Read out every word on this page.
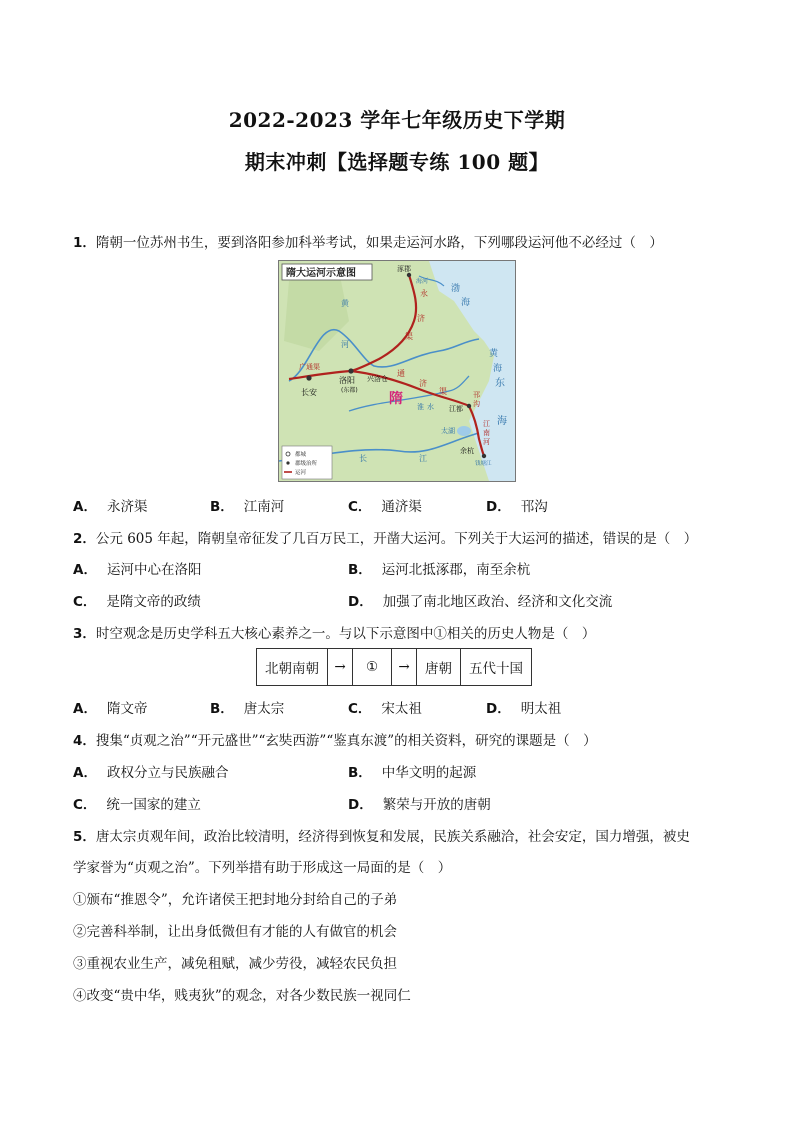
2022-2023 学年七年级历史下学期
期末冲刺【选择题专练 100 题】
1．隋朝一位苏州书生，要到洛阳参加科举考试，如果走运河水路，下列哪段运河他不必经过（　）
隋大运河示意图	涿郡
海河
黄
河
永
济
渠
渤
海
黄
海
东
海
广通渠
洛阳
(东都)
兴洛仓
通
济
渠
隋 淮 水
邗
沟
江都
太湖
江
南
河
余杭
钱塘江
长安
长	江
都城
郡级治所
运河
A． 永济渠	B． 江南河	C． 通济渠	D． 邗沟
2．公元 605 年起，隋朝皇帝征发了几百万民工，开凿大运河。下列关于大运河的描述，错误的是（　）
A． 运河中心在洛阳	B． 运河北抵涿郡，南至余杭
C． 是隋文帝的政绩	D． 加强了南北地区政治、经济和文化交流
3．时空观念是历史学科五大核心素养之一。与以下示意图中①相关的历史人物是（　）
北朝南朝	→	①	→	唐朝	五代十国
A． 隋文帝	B． 唐太宗	C． 宋太祖	D． 明太祖
4．搜集“贞观之治”“开元盛世”“玄奘西游”“鉴真东渡”的相关资料，研究的课题是（　）
A． 政权分立与民族融合	B． 中华文明的起源
C． 统一国家的建立	D． 繁荣与开放的唐朝
5．唐太宗贞观年间，政治比较清明，经济得到恢复和发展，民族关系融洽，社会安定，国力增强，被史
学家誉为“贞观之治”。下列举措有助于形成这一局面的是（　）
①颁布“推恩令”，允许诸侯王把封地分封给自己的子弟
②完善科举制，让出身低微但有才能的人有做官的机会
③重视农业生产，减免租赋，减少劳役，减轻农民负担
④改变“贵中华，贱夷狄”的观念，对各少数民族一视同仁
